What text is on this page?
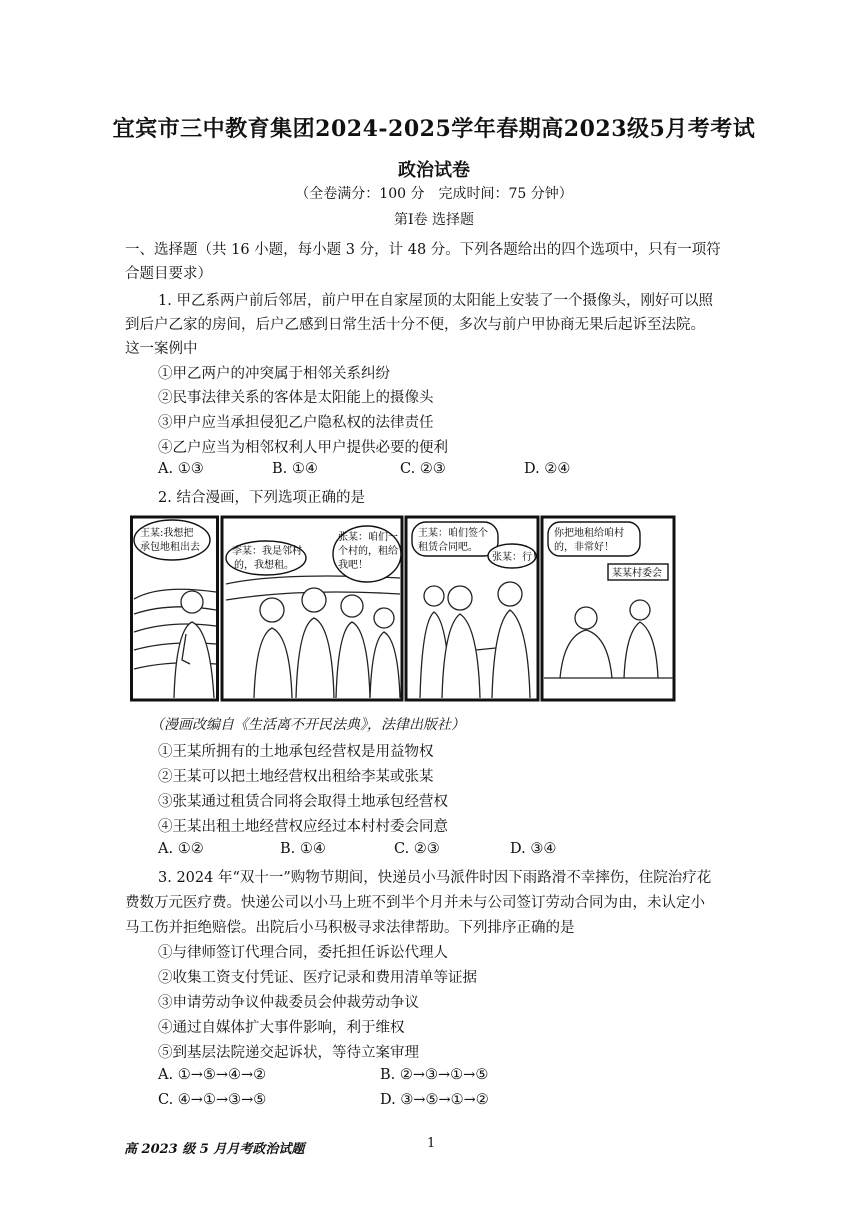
宜宾市三中教育集团2024-2025学年春期高2023级5月考考试
政治试卷
（全卷满分：100 分　完成时间：75 分钟）
第Ⅰ卷 选择题
一、选择题（共 16 小题，每小题 3 分，计 48 分。下列各题给出的四个选项中，只有一项符
合题目要求）
1. 甲乙系两户前后邻居，前户甲在自家屋顶的太阳能上安装了一个摄像头，刚好可以照
到后户乙家的房间，后户乙感到日常生活十分不便，多次与前户甲协商无果后起诉至法院。
这一案例中
①甲乙两户的冲突属于相邻关系纠纷
②民事法律关系的客体是太阳能上的摄像头
③甲户应当承担侵犯乙户隐私权的法律责任
④乙户应当为相邻权利人甲户提供必要的便利
A. ①③	B. ①④	C. ②③	D. ②④
2. 结合漫画，下列选项正确的是
王某:我想把
承包地租出去	李某：我是邻村
的，我想租。
张某：咱们一
个村的，租给
我吧！
王某：咱们签个
租赁合同吧。
张某：行！
你把地租给咱村
的，非常好！
某某村委会
（漫画改编自《生活离不开民法典》，法律出版社）
①王某所拥有的土地承包经营权是用益物权
②王某可以把土地经营权出租给李某或张某
③张某通过租赁合同将会取得土地承包经营权
④王某出租土地经营权应经过本村村委会同意
A. ①②	B. ①④	C. ②③	D. ③④
3. 2024 年“双十一”购物节期间，快递员小马派件时因下雨路滑不幸摔伤，住院治疗花
费数万元医疗费。快递公司以小马上班不到半个月并未与公司签订劳动合同为由，未认定小
马工伤并拒绝赔偿。出院后小马积极寻求法律帮助。下列排序正确的是
①与律师签订代理合同，委托担任诉讼代理人
②收集工资支付凭证、医疗记录和费用清单等证据
③申请劳动争议仲裁委员会仲裁劳动争议
④通过自媒体扩大事件影响，利于维权
⑤到基层法院递交起诉状，等待立案审理
A. ①→⑤→④→②	B. ②→③→①→⑤
C. ④→①→③→⑤	D. ③→⑤→①→②
高 2023 级 5 月月考政治试题	1
